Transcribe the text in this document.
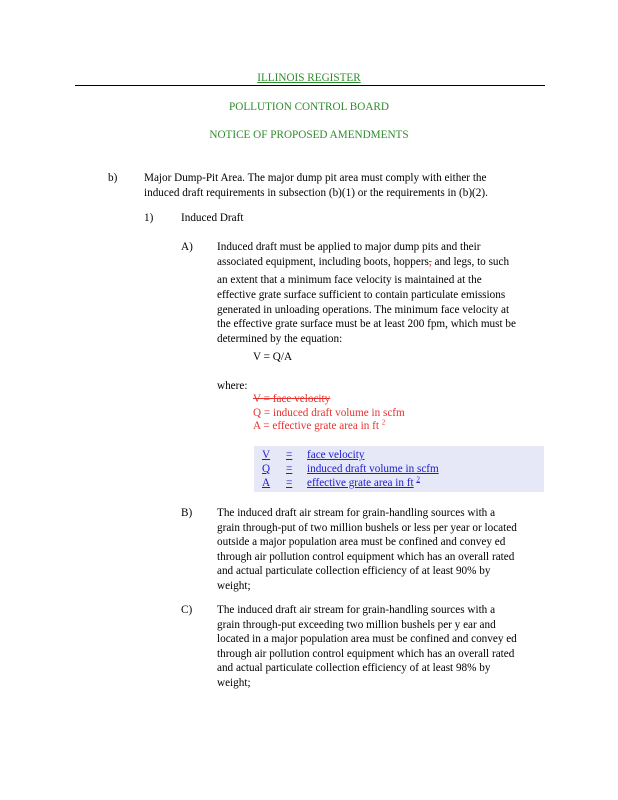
ILLINOIS REGISTER
POLLUTION CONTROL BOARD
NOTICE OF PROPOSED AMENDMENTS
b) Major Dump-Pit Area. The major dump pit area must comply with either the
induced draft requirements in subsection (b)(1) or the requirements in (b)(2).
1) Induced Draft
A) Induced draft must be applied to major dump pits and their
associated equipment, including boots, hoppers, and legs, to such
an extent that a minimum face velocity is maintained at the
effective grate surface sufficient to contain particulate emissions
generated in unloading operations. The minimum face velocity at
the effective grate surface must be at least 200 fpm, which must be
determined by the equation:
V = Q/A
where:
V = face velocity
Q = induced draft volume in scfm
A = effective grate area in ft $^2$
V = face velocity
Q = induced draft volume in scfm
A = effective grate area in ft $^2$
B) The induced draft air stream for grain-handling sources with a
grain through-put of two million bushels or less per year or located
outside a major population area must be confined and convey ed
through air pollution control equipment which has an overall rated
and actual particulate collection efficiency of at least 90% by
weight;
C) The induced draft air stream for grain-handling sources with a
grain through-put exceeding two million bushels per y ear and
located in a major population area must be confined and convey ed
through air pollution control equipment which has an overall rated
and actual particulate collection efficiency of at least 98% by
weight;
